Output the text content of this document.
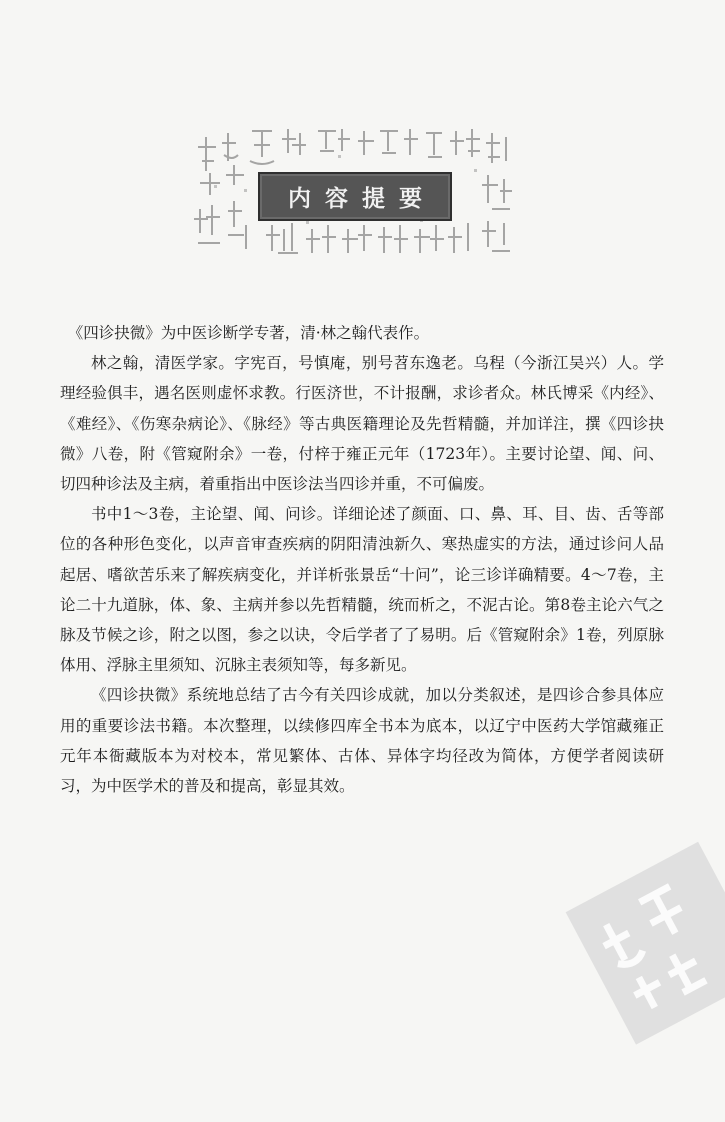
内容提要

《四诊抉微》为中医诊断学专著，清·林之翰代表作。

林之翰，清医学家。字宪百，号慎庵，别号苕东逸老。乌程（今浙江吴兴）人。学理经验俱丰，遇名医则虚怀求教。行医济世，不计报酬，求诊者众。林氏博采《内经》、《难经》、《伤寒杂病论》、《脉经》等古典医籍理论及先哲精髓，并加详注，撰《四诊抉微》八卷，附《管窥附余》一卷，付梓于雍正元年（1723年）。主要讨论望、闻、问、切四种诊法及主病，着重指出中医诊法当四诊并重，不可偏废。

书中1～3卷，主论望、闻、问诊。详细论述了颜面、口、鼻、耳、目、齿、舌等部位的各种形色变化，以声音审查疾病的阴阳清浊新久、寒热虚实的方法，通过诊问人品起居、嗜欲苦乐来了解疾病变化，并详析张景岳“十问”，论三诊详确精要。4～7卷，主论二十九道脉，体、象、主病并参以先哲精髓，统而析之，不泥古论。第8卷主论六气之脉及节候之诊，附之以图，参之以诀，令后学者了了易明。后《管窥附余》1卷，列原脉体用、浮脉主里须知、沉脉主表须知等，每多新见。

《四诊抉微》系统地总结了古今有关四诊成就，加以分类叙述，是四诊合参具体应用的重要诊法书籍。本次整理，以续修四库全书本为底本，以辽宁中医药大学馆藏雍正元年本衙藏版本为对校本，常见繁体、古体、异体字均径改为简体，方便学者阅读研习，为中医学术的普及和提高，彰显其效。
